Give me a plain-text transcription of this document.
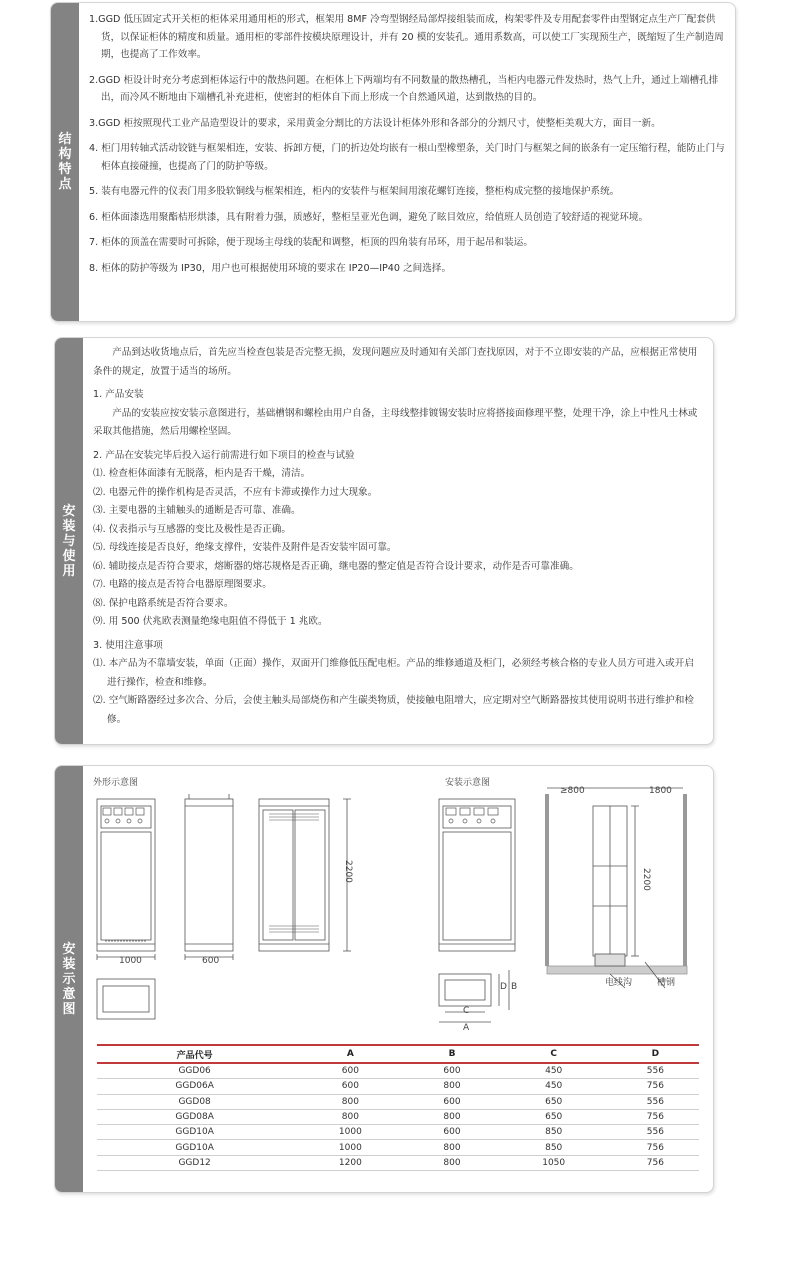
结构特点

1.GGD 低压固定式开关柜的柜体采用通用柜的形式，框架用 8MF 冷弯型钢经局部焊接组装而成，构架零件及专用配套零件由型钢定点生产厂配套供货，以保证柜体的精度和质量。通用柜的零部件按模块原理设计，并有 20 模的安装孔。通用系数高，可以使工厂实现预生产，既缩短了生产制造周期，也提高了工作效率。

2.GGD 柜设计时充分考虑到柜体运行中的散热问题。在柜体上下两端均有不同数量的散热槽孔，当柜内电器元件发热时，热气上升，通过上端槽孔排出，而冷风不断地由下端槽孔补充进柜，使密封的柜体自下而上形成一个自然通风道，达到散热的目的。

3.GGD 柜按照现代工业产品造型设计的要求，采用黄金分割比的方法设计柜体外形和各部分的分割尺寸，使整柜美观大方，面目一新。

4. 柜门用转轴式活动铰链与框架相连，安装、拆卸方便，门的折边处均嵌有一根山型橡塑条，关门时门与框架之间的嵌条有一定压缩行程，能防止门与柜体直接碰撞，也提高了门的防护等级。

5. 装有电器元件的仪表门用多股软铜线与框架相连，柜内的安装件与框架间用滚花螺钉连接，整柜构成完整的接地保护系统。

6. 柜体面漆选用聚酯桔形烘漆，具有附着力强，质感好，整柜呈亚光色调，避免了眩目效应，给值班人员创造了较舒适的视觉环境。

7. 柜体的顶盖在需要时可拆除，便于现场主母线的装配和调整，柜顶的四角装有吊环，用于起吊和装运。

8. 柜体的防护等级为 IP30，用户也可根据使用环境的要求在 IP20—IP40 之间选择。

安装与使用

产品到达收货地点后，首先应当检查包装是否完整无损，发现问题应及时通知有关部门查找原因，对于不立即安装的产品，应根据正常使用条件的规定，放置于适当的场所。

1. 产品安装

产品的安装应按安装示意图进行，基础槽钢和螺栓由用户自备，主母线整排镀锡安装时应将搭接面修理平整，处理干净，涂上中性凡士林或采取其他措施，然后用螺栓坚固。

2. 产品在安装完毕后投入运行前需进行如下项目的检查与试验

⑴. 检查柜体面漆有无脱落，柜内是否干燥，清洁。

⑵. 电器元件的操作机构是否灵活，不应有卡滞或操作力过大现象。

⑶. 主要电器的主辅触头的通断是否可靠、准确。

⑷. 仪表指示与互感器的变比及极性是否正确。

⑸. 母线连接是否良好，绝缘支撑件，安装件及附件是否安装牢固可靠。

⑹. 辅助接点是否符合要求，熔断器的熔芯规格是否正确，继电器的整定值是否符合设计要求，动作是否可靠准确。

⑺. 电路的接点是否符合电器原理图要求。

⑻. 保护电路系统是否符合要求。

⑼. 用 500 伏兆欧表测量绝缘电阻值不得低于 1 兆欧。

3. 使用注意事项

⑴. 本产品为不靠墙安装，单面（正面）操作，双面开门维修低压配电柜。产品的维修通道及柜门，必须经考核合格的专业人员方可进入或开启进行操作，检查和维修。

⑵. 空气断路器经过多次合、分后，会使主触头局部烧伤和产生碳类物质，使接触电阻增大，应定期对空气断路器按其使用说明书进行维护和检修。

安装示意图
外形示意图	安装示意图
1000	600
2200
≥800	1800
2200
电线沟	槽钢
C
A
D B
产品代号	A	B	C	D
GGD06	600	600	450	556
GGD06A	600	800	450	756
GGD08	800	600	650	556
GGD08A	800	800	650	756
GGD10A	1000	600	850	556
GGD10A	1000	800	850	756
GGD12	1200	800	1050	756
